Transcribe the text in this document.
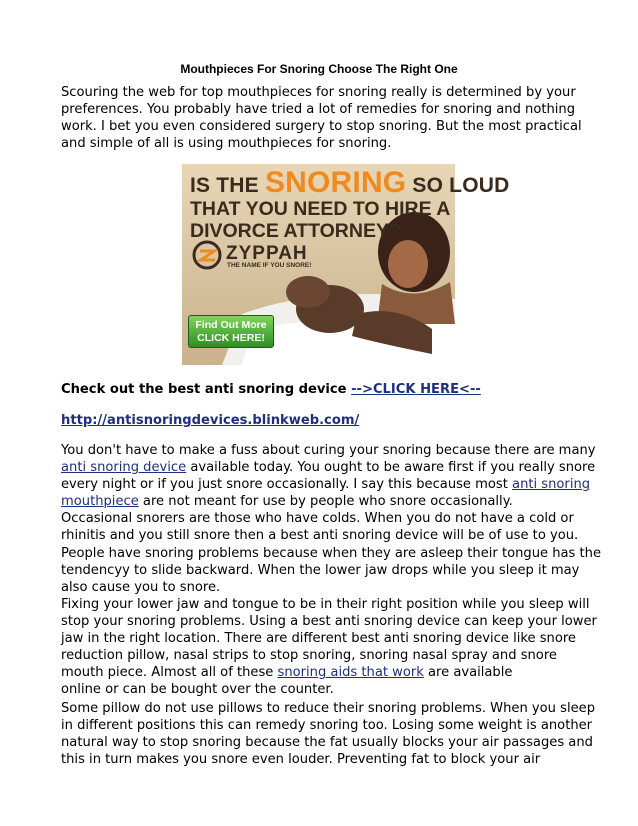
Mouthpieces For Snoring Choose The Right One

Scouring the web for top mouthpieces for snoring really is determined by your
preferences. You probably have tried a lot of remedies for snoring and nothing
work. I bet you even considered surgery to stop snoring. But the most practical
and simple of all is using mouthpieces for snoring.

IS THE SNORING SO LOUD
THAT YOU NEED TO HIRE A
DIVORCE ATTORNEY?
ZYPPAH
THE NAME IF YOU SNORE!
Find Out More
CLICK HERE!

Check out the best anti snoring device -->CLICK HERE<--

http://antisnoringdevices.blinkweb.com/

You don't have to make a fuss about curing your snoring because there are many
anti snoring device available today. You ought to be aware first if you really snore
every night or if you just snore occasionally. I say this because most anti snoring
mouthpiece are not meant for use by people who snore occasionally.
Occasional snorers are those who have colds. When you do not have a cold or
rhinitis and you still snore then a best anti snoring device will be of use to you.
People have snoring problems because when they are asleep their tongue has the
tendencyy to slide backward. When the lower jaw drops while you sleep it may
also cause you to snore.

Fixing your lower jaw and tongue to be in their right position while you sleep will
stop your snoring problems. Using a best anti snoring device can keep your lower
jaw in the right location. There are different best anti snoring device like snore
reduction pillow, nasal strips to stop snoring, snoring nasal spray and snore
mouth piece. Almost all of these snoring aids that work are available
online or can be bought over the counter.

Some pillow do not use pillows to reduce their snoring problems. When you sleep
in different positions this can remedy snoring too. Losing some weight is another
natural way to stop snoring because the fat usually blocks your air passages and
this in turn makes you snore even louder. Preventing fat to block your air
